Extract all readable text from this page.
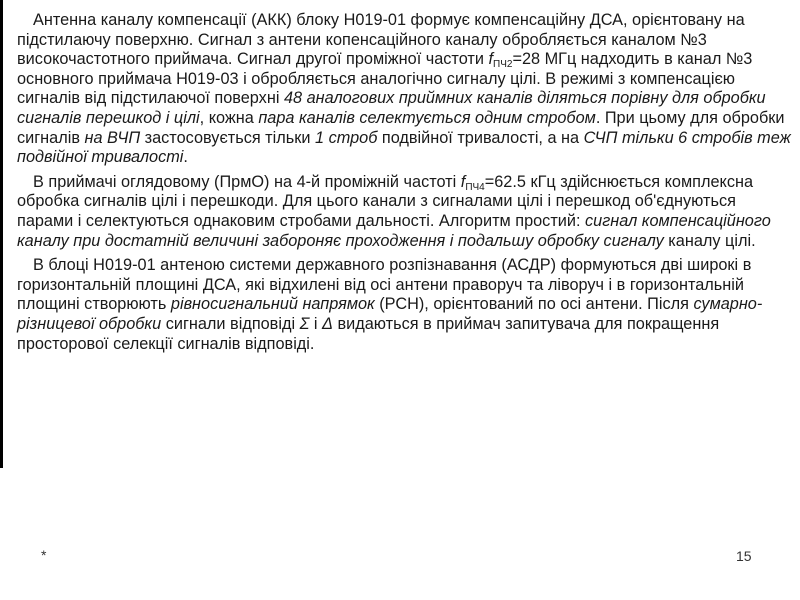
Антенна каналу компенсації (АКК) блоку Н019-01 формує компенсаційну ДСА, орієнтовану на підстилаючу поверхню. Сигнал з антени копенсаційного каналу обробляється каналом №3 високочастотного приймача. Сигнал другої проміжної частоти fПЧ2=28 МГц надходить в канал №3 основного приймача Н019-03 і обробляється аналогічно сигналу цілі. В режимі з компенсацією сигналів від підстилаючої поверхні 48 аналогових приймних каналів діляться порівну для обробки сигналів перешкод і цілі, кожна пара каналів селектується одним стробом. При цьому для обробки сигналів на ВЧП застосовується тільки 1 строб подвійної тривалості, а на СЧП тільки 6 стробів теж подвійної тривалості.

В приймачі оглядовому (ПрмО) на 4-й проміжній частоті fПЧ4=62.5 кГц здійснюється комплексна обробка сигналів цілі і перешкоди. Для цього канали з сигналами цілі і перешкод об'єднуються парами і селектуються однаковим стробами дальності. Алгоритм простий: сигнал компенсаційного каналу при достатній величині забороняє проходження і подальшу обробку сигналу каналу цілі.

В блоці Н019-01 антеною системи державного розпізнавання (АСДР) формуються дві широкі в горизонтальній площині ДСА, які відхилені від осі антени праворуч та ліворуч і в горизонтальній площині створюють рівносигнальний напрямок (РСН), орієнтований по осі антени. Після сумарно-різницевої обробки сигнали відповіді Σ і Δ видаються в приймач запитувача для покращення просторової селекції сигналів відповіді.

*	15
